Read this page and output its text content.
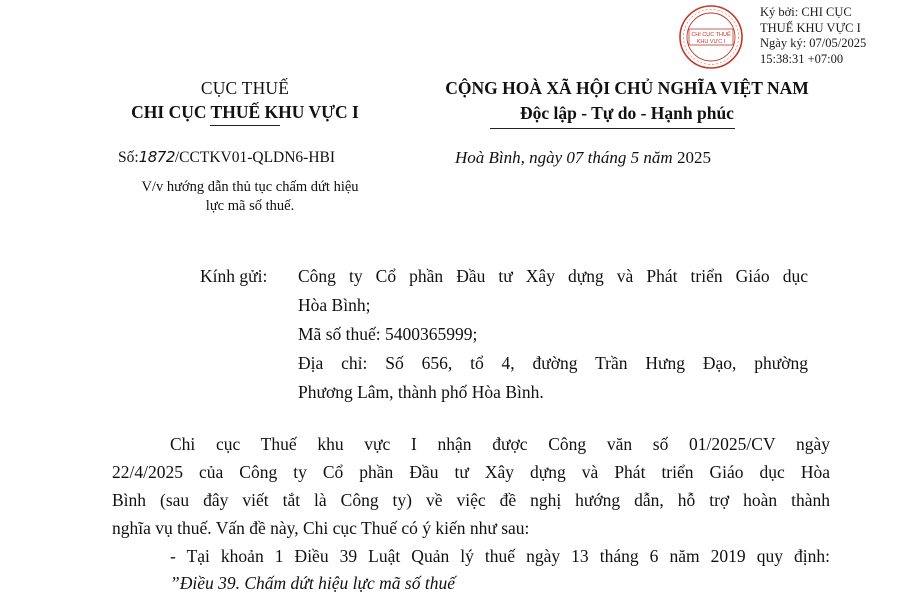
CHI CỤC THUẾ
KHU VỰC I
Ký bởi: CHI CỤC
THUẾ KHU VỰC I
Ngày ký: 07/05/2025
15:38:31 +07:00
CỤC THUẾ
CHI CỤC THUẾ KHU VỰC I
CỘNG HOÀ XÃ HỘI CHỦ NGHĨA VIỆT NAM
Độc lập - Tự do - Hạnh phúc
Số:1872/CCTKV01-QLDN6-HBI	Hoà Bình, ngày 07 tháng 5 năm 2025
V/v hướng dẫn thủ tục chấm dứt hiệu
lực mã số thuế.
Kính gửi: Công ty Cổ phần Đầu tư Xây dựng và Phát triển Giáo dục
Hòa Bình;
Mã số thuế: 5400365999;
Địa chỉ: Số 656, tổ 4, đường Trần Hưng Đạo, phường
Phương Lâm, thành phố Hòa Bình.
Chi cục Thuế khu vực I nhận được Công văn số 01/2025/CV ngày
22/4/2025 của Công ty Cổ phần Đầu tư Xây dựng và Phát triển Giáo dục Hòa
Bình (sau đây viết tắt là Công ty) về việc đề nghị hướng dẫn, hỗ trợ hoàn thành
nghĩa vụ thuế. Vấn đề này, Chi cục Thuế có ý kiến như sau:
- Tại khoản 1 Điều 39 Luật Quản lý thuế ngày 13 tháng 6 năm 2019 quy định:
”Điều 39. Chấm dứt hiệu lực mã số thuế
